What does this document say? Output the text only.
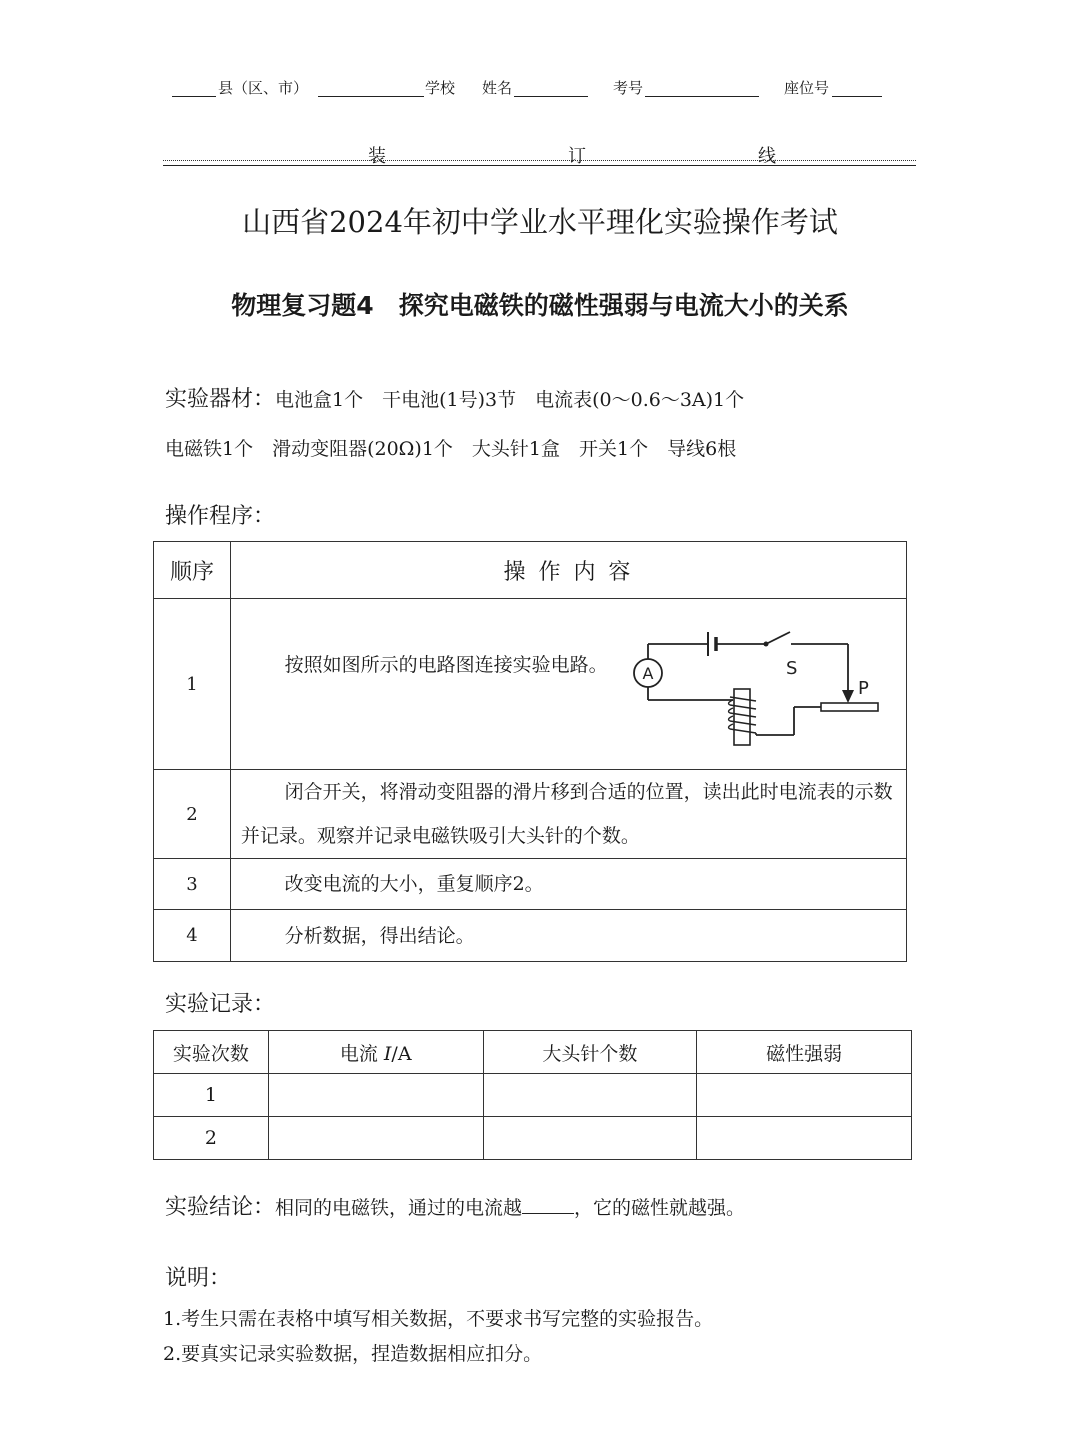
县（区、市）	学校 姓名	考号	座位号
装	订	线
山西省2024年初中学业水平理化实验操作考试
物理复习题4　探究电磁铁的磁性强弱与电流大小的关系
实验器材：电池盒1个　干电池(1号)3节　电流表(0～0.6～3A)1个
电磁铁1个　滑动变阻器(20Ω)1个　大头针1盒　开关1个　导线6根
操作程序：
顺序	操 作 内 容
1	按照如图所示的电路图连接实验电路。 S
A
P

2	闭合开关，将滑动变阻器的滑片移到合适的位置，读出此时电流表的示数并记录。观察并记录电磁铁吸引大头针的个数。

3	改变电流的大小，重复顺序2。

4	分析数据，得出结论。
实验记录：
实验次数	电流 I/A	大头针个数	磁性强弱
1			
2			
实验结论：相同的电磁铁，通过的电流越	，它的磁性就越强。
说明：
1.考生只需在表格中填写相关数据，不要求书写完整的实验报告。
2.要真实记录实验数据，捏造数据相应扣分。
